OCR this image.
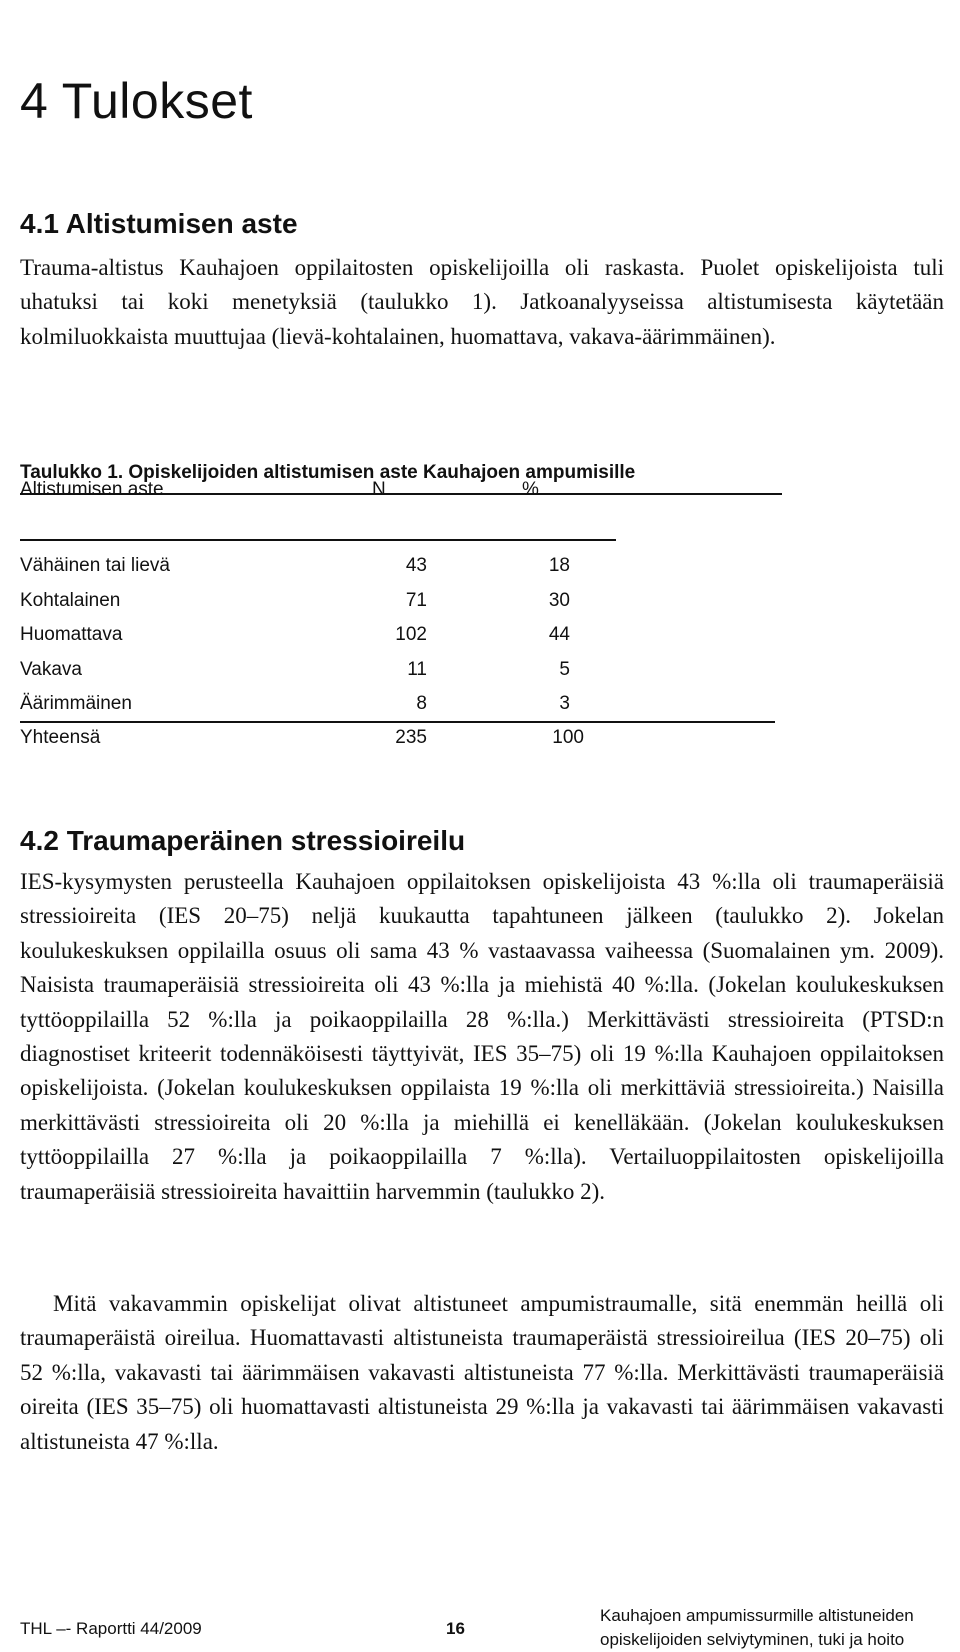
4 Tulokset
4.1 Altistumisen aste

Trauma-altistus Kauhajoen oppilaitosten opiskelijoilla oli raskasta. Puolet opiskelijoista tuli uhatuksi tai koki menetyksiä (taulukko 1). Jatkoanalyyseissa altistumisesta käytetään kolmiluokkaista muuttujaa (lievä-kohtalainen, huomattava, vakava-äärimmäinen).

Taulukko 1. Opiskelijoiden altistumisen aste Kauhajoen ampumisille
Altistumisen aste	N	%
Vähäinen tai lievä	43	18
Kohtalainen	71	30
Huomattava	102	44
Vakava	11	5
Äärimmäinen	8	3
Yhteensä	235	100
4.2 Traumaperäinen stressioireilu

IES-kysymysten perusteella Kauhajoen oppilaitoksen opiskelijoista 43 %:lla oli traumaperäisiä stressioireita (IES 20–75) neljä kuukautta tapahtuneen jälkeen (taulukko 2). Jokelan koulukeskuksen oppilailla osuus oli sama 43 % vastaavassa vaiheessa (Suomalainen ym. 2009). Naisista traumaperäisiä stressioireita oli 43 %:lla ja miehistä 40 %:lla. (Jokelan koulukeskuksen tyttöoppilailla 52 %:lla ja poikaoppilailla 28 %:lla.) Merkittävästi stressioireita (PTSD:n diagnostiset kriteerit todennäköisesti täyttyivät, IES 35–75) oli 19 %:lla Kauhajoen oppilaitoksen opiskelijoista. (Jokelan koulukeskuksen oppilaista 19 %:lla oli merkittäviä stressioireita.) Naisilla merkittävästi stressioireita oli 20 %:lla ja miehillä ei kenelläkään. (Jokelan koulukeskuksen tyttöoppilailla 27 %:lla ja poikaoppilailla 7 %:lla). Vertailuoppilaitosten opiskelijoilla traumaperäisiä stressioireita havaittiin harvemmin (taulukko 2).

Mitä vakavammin opiskelijat olivat altistuneet ampumistraumalle, sitä enemmän heillä oli traumaperäistä oireilua. Huomattavasti altistuneista traumaperäistä stressioireilua (IES 20–75) oli 52 %:lla, vakavasti tai äärimmäisen vakavasti altistuneista 77 %:lla. Merkittävästi traumaperäisiä oireita (IES 35–75) oli huomattavasti altistuneista 29 %:lla ja vakavasti tai äärimmäisen vakavasti altistuneista 47 %:lla.

THL –- Raportti 44/2009	16
Kauhajoen ampumissurmille altistuneiden
opiskelijoiden selviytyminen, tuki ja hoito
